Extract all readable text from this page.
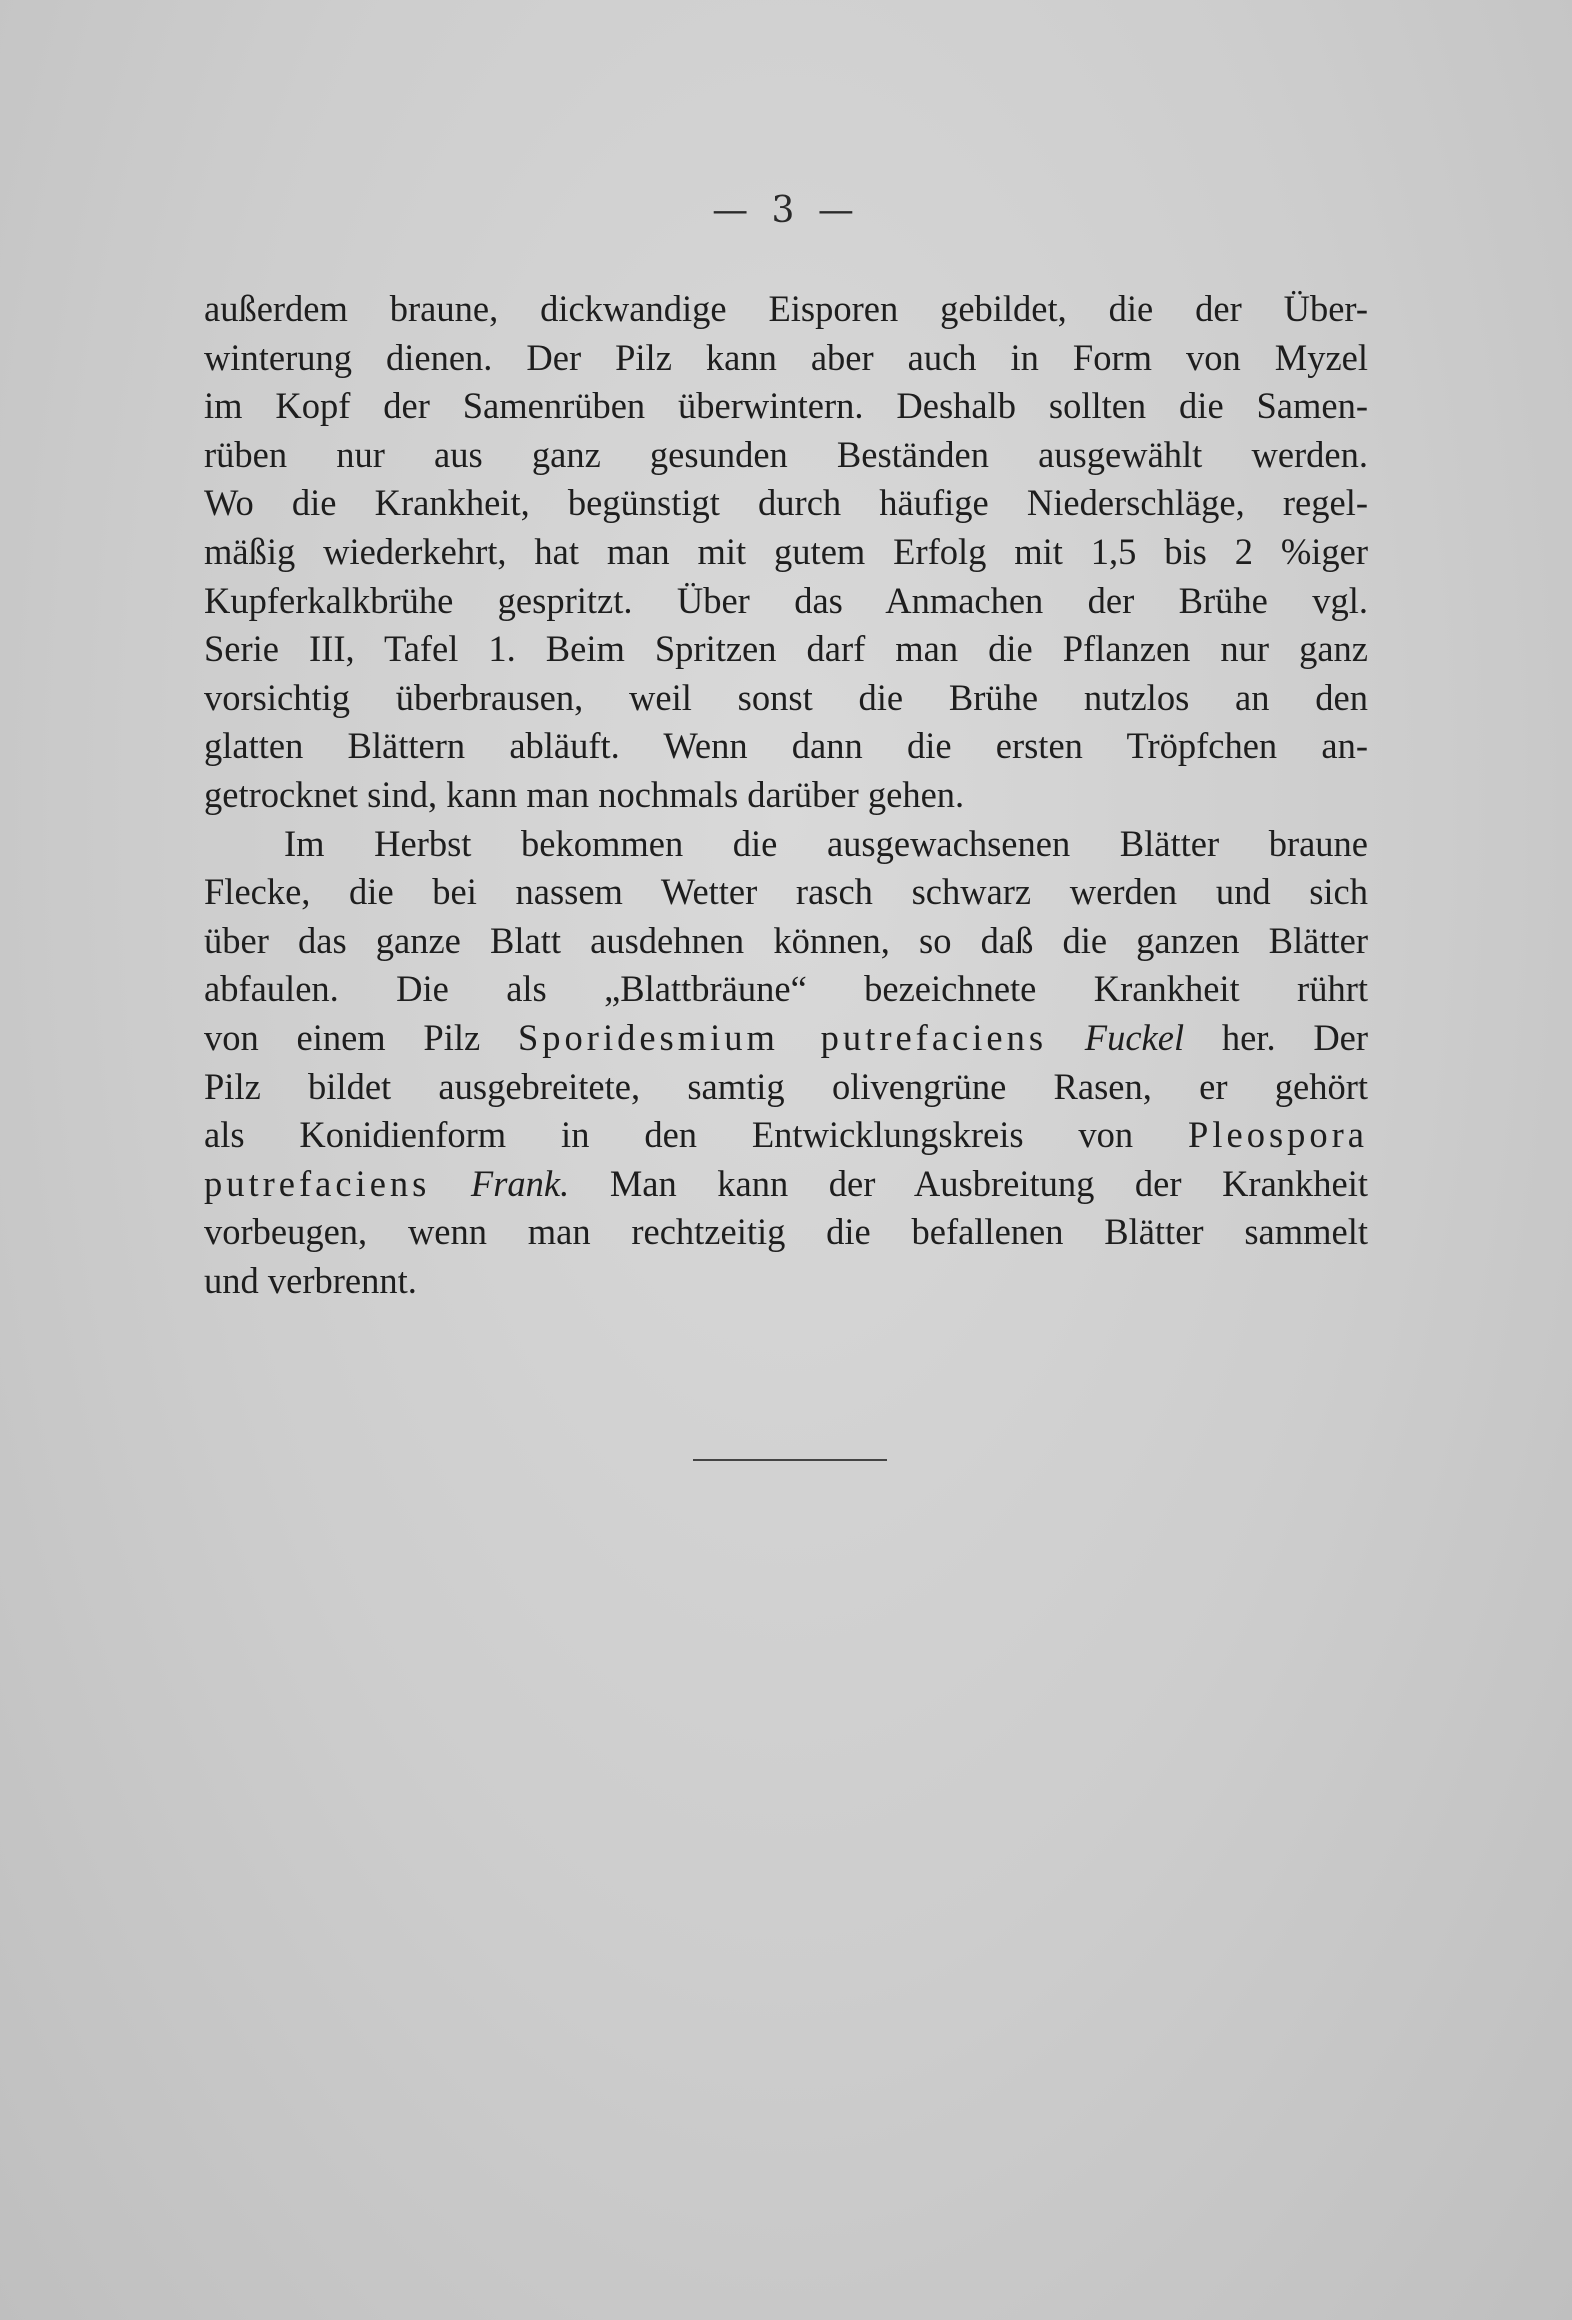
— 3 —
außerdem braune, dickwandige Eisporen gebildet, die der Über-
winterung dienen. Der Pilz kann aber auch in Form von Myzel
im Kopf der Samenrüben überwintern. Deshalb sollten die Samen-
rüben nur aus ganz gesunden Beständen ausgewählt werden.
Wo die Krankheit, begünstigt durch häufige Niederschläge, regel-
mäßig wiederkehrt, hat man mit gutem Erfolg mit 1,5 bis 2 %iger
Kupferkalkbrühe gespritzt. Über das Anmachen der Brühe vgl.
Serie III, Tafel 1. Beim Spritzen darf man die Pflanzen nur ganz
vorsichtig überbrausen, weil sonst die Brühe nutzlos an den
glatten Blättern abläuft. Wenn dann die ersten Tröpfchen an-
getrocknet sind, kann man nochmals darüber gehen.
Im Herbst bekommen die ausgewachsenen Blätter braune
Flecke, die bei nassem Wetter rasch schwarz werden und sich
über das ganze Blatt ausdehnen können, so daß die ganzen Blätter
abfaulen. Die als „Blattbräune“ bezeichnete Krankheit rührt
von einem Pilz Sporidesmium putrefaciens Fuckel her. Der
Pilz bildet ausgebreitete, samtig olivengrüne Rasen, er gehört
als Konidienform in den Entwicklungskreis von Pleospora
putrefaciens Frank. Man kann der Ausbreitung der Krankheit
vorbeugen, wenn man rechtzeitig die befallenen Blätter sammelt
und verbrennt.
